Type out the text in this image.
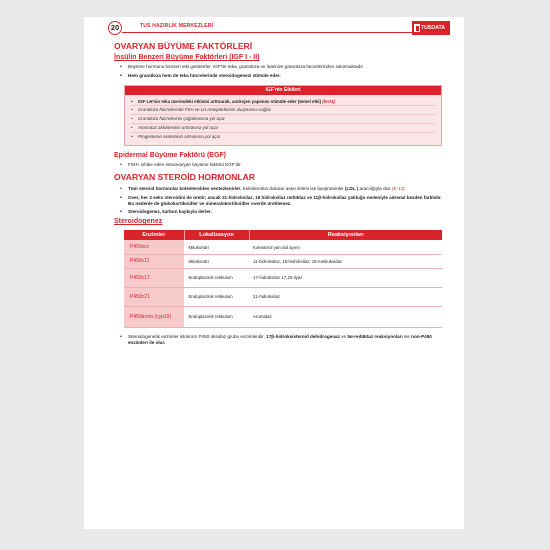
20	TUS HAZIRLIK MERKEZLERİ	TUSDATA
OVARYAN BÜYÜME FAKTÖRLERİ
İnsülin Benzeri Büyüme Faktörleri (IGF I - II)
• Büyüme hormonu benzeri etki gösterirler. IGF'ler teka, granüloza ve luteinize granüloza hücrelerinden salınmaktadır.
• Hem granüloza hem de teka hücrelerinde steroidogenezi stimüle eder.
IGF'nin Etkileri
• IGF LH'nin teka üzerindeki etkisini arttırarak, androjen yapımını stimüle eder (temel etki) (N-01)
• Granüloza hücrelerinde FSH ve LH reseptörlerinin oluşmasını sağlar
• Granüloza hücrelerinin çoğalmasına yol açar
• Aromataz aktivitesinin artmasına yol açar
• Progesteron sentezinin artmasına yol açar
Epidermal Büyüme Faktörü (EGF)
• FSH'ı inhibe eden intraovaryan büyüme faktörü EGF'dir.
OVARYAN STEROİD HORMONLAR
• Tüm steroid hormonlar kolesterolden sentezlenirler. Kolesterolün dokular arası iletimi ise lipoproteinler (LDL ) aracılığıyla olur (E-12).
• Over, her 3 seks steroidini de üretir; ancak 21-hidroksilaz, 18 hidroksilaz redüktaz ve 11β-hidroksilaz yokluğu nedeniyle adrenal bezden farklıdır. Bu nedenle de glukokortikoidler ve mineralokortikoidler overde üretilemez.
• Steroidogenez, karbon kaybıyla ilerler.
Steroidogenez
Enzimler	Lokalizasyon	Reaksiyonları
P450scc	Mitokondri	Kolesterol yan dal ayımı
P450c11	Mitokondri	11-hidroksilaz, 18-hidroksilaz, 19-metiloksidaz
P450c17	Endoplazmik retikulum	17-hidroksilaz 17,20-liyaz
P450c21	Endoplazmik retikulum	21-hidroksilaz
P450arom (cyp19)	Endoplazmik retikulum	Aromataz
• Steroidogenetik enzimler sitokrom P450 oksidaz grubu enzimleridir. 17β-hidroksisteroid dehidrogenaz ve 5α-redüktaz reaksiyonları ise non-P450 enzimleri ile olur.
